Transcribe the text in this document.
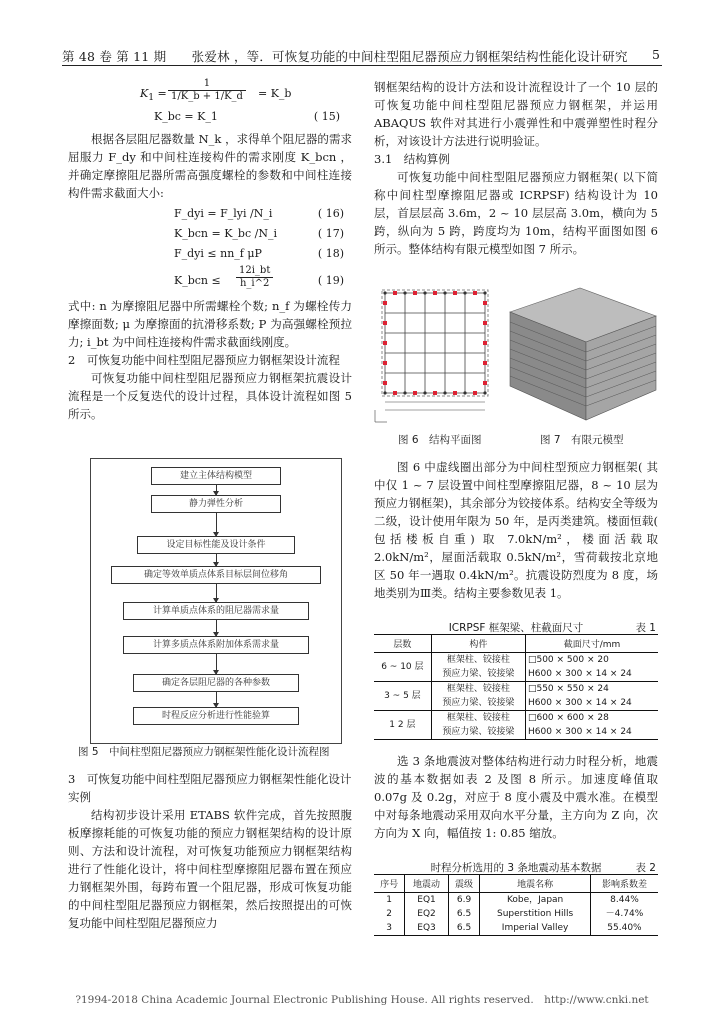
第 48 卷 第 11 期　　张爱林 ，等．可恢复功能的中间柱型阻尼器预应力钢框架结构性能化设计研究 5
$K_1 = \frac{1}{1/K\_b + 1/K\_d}$ = K_b
K_bc = K_1	( 15)

根据各层阻尼器数量 N_k ，求得单个阻尼器的需求屈服力 F_dy 和中间柱连接构件的需求刚度 K_bcn ，并确定摩擦阻尼器所需高强度螺栓的参数和中间柱连接构件需求截面大小:

F_dyi = F_lyi /N_i	( 16)
K_bcn = K_bc /N_i	( 17)
F_dyi ≤ nn_f μP	( 18)
K_bcn ≤ $\frac{12i\_bt}{h\_i\^{}2}$	( 19)

式中: n 为摩擦阻尼器中所需螺栓个数; n_f 为螺栓传力摩擦面数; μ 为摩擦面的抗滑移系数; P 为高强螺栓预拉力; i_bt 为中间柱连接构件需求截面线刚度。

2　可恢复功能中间柱型阻尼器预应力钢框架设计流程

可恢复功能中间柱型阻尼器预应力钢框架抗震设计流程是一个反复迭代的设计过程，具体设计流程如图 5 所示。

建立主体结构模型
静力弹性分析
设定目标性能及设计条件
确定等效单质点体系目标层间位移角
计算单质点体系的阻尼器需求量
计算多质点体系附加体系需求量
确定各层阻尼器的各种参数
时程反应分析进行性能验算
图 5　中间柱型阻尼器预应力钢框架性能化设计流程图

3　可恢复功能中间柱型阻尼器预应力钢框架性能化设计实例

结构初步设计采用 ETABS 软件完成，首先按照腹板摩擦耗能的可恢复功能的预应力钢框架结构的设计原则、方法和设计流程，对可恢复功能预应力钢框架结构进行了性能化设计，将中间柱型摩擦阻尼器布置在预应力钢框架外围，每跨布置一个阻尼器，形成可恢复功能的中间柱型阻尼器预应力钢框架，然后按照提出的可恢复功能中间柱型阻尼器预应力

钢框架结构的设计方法和设计流程设计了一个 10 层的可恢复功能中间柱型阻尼器预应力钢框架，并运用 ABAQUS 软件对其进行小震弹性和中震弹塑性时程分析，对该设计方法进行说明验证。

3.1　结构算例

可恢复功能中间柱型阻尼器预应力钢框架( 以下简称中间柱型摩擦阻尼器或 ICRPSF) 结构设计为 10 层，首层层高 3.6m，2 ~ 10 层层高 3.0m，横向为 5 跨，纵向为 5 跨，跨度均为 10m，结构平面图如图 6 所示。整体结构有限元模型如图 7 所示。

图 6　结构平面图	图 7　有限元模型

图 6 中虚线圈出部分为中间柱型预应力钢框架( 其中仅 1 ~ 7 层设置中间柱型摩擦阻尼器，8 ~ 10 层为预应力钢框架)，其余部分为铰接体系。结构安全等级为二级，设计使用年限为 50 年，是丙类建筑。楼面恒载( 包括楼板自重) 取 7.0kN/m²，楼面活载取 2.0kN/m²，屋面活载取 0.5kN/m²，雪荷载按北京地区 50 年一遇取 0.4kN/m²。抗震设防烈度为 8 度，场地类别为Ⅲ类。结构主要参数见表 1。

ICRPSF 框架梁、柱截面尺寸	表 1
层数	构件	截面尺寸/mm
6 ~ 10 层	框架柱、铰接柱	□500 × 500 × 20
	预应力梁、铰接梁	H600 × 300 × 14 × 24
3 ~ 5 层	框架柱、铰接柱	□550 × 550 × 24
	预应力梁、铰接梁	H600 × 300 × 14 × 24
1 2 层	框架柱、铰接柱	□600 × 600 × 28
	预应力梁、铰接梁	H600 × 300 × 14 × 24

选 3 条地震波对整体结构进行动力时程分析，地震波的基本数据如表 2 及图 8 所示。加速度峰值取 0.07g 及 0.2g，对应于 8 度小震及中震水准。在模型中对每条地震动采用双向水平分量，主方向为 Z 向，次方向为 X 向，幅值按 1: 0.85 缩放。

时程分析选用的 3 条地震动基本数据	表 2
序号	地震动	震级	地震名称	影响系数差
1	EQ1	6.9	Kobe，Japan	8.44%
2	EQ2	6.5	Superstition Hills	－4.74%
3	EQ3	6.5	Imperial Valley	55.40%
?1994-2018 China Academic Journal Electronic Publishing House. All rights reserved.　http://www.cnki.net
